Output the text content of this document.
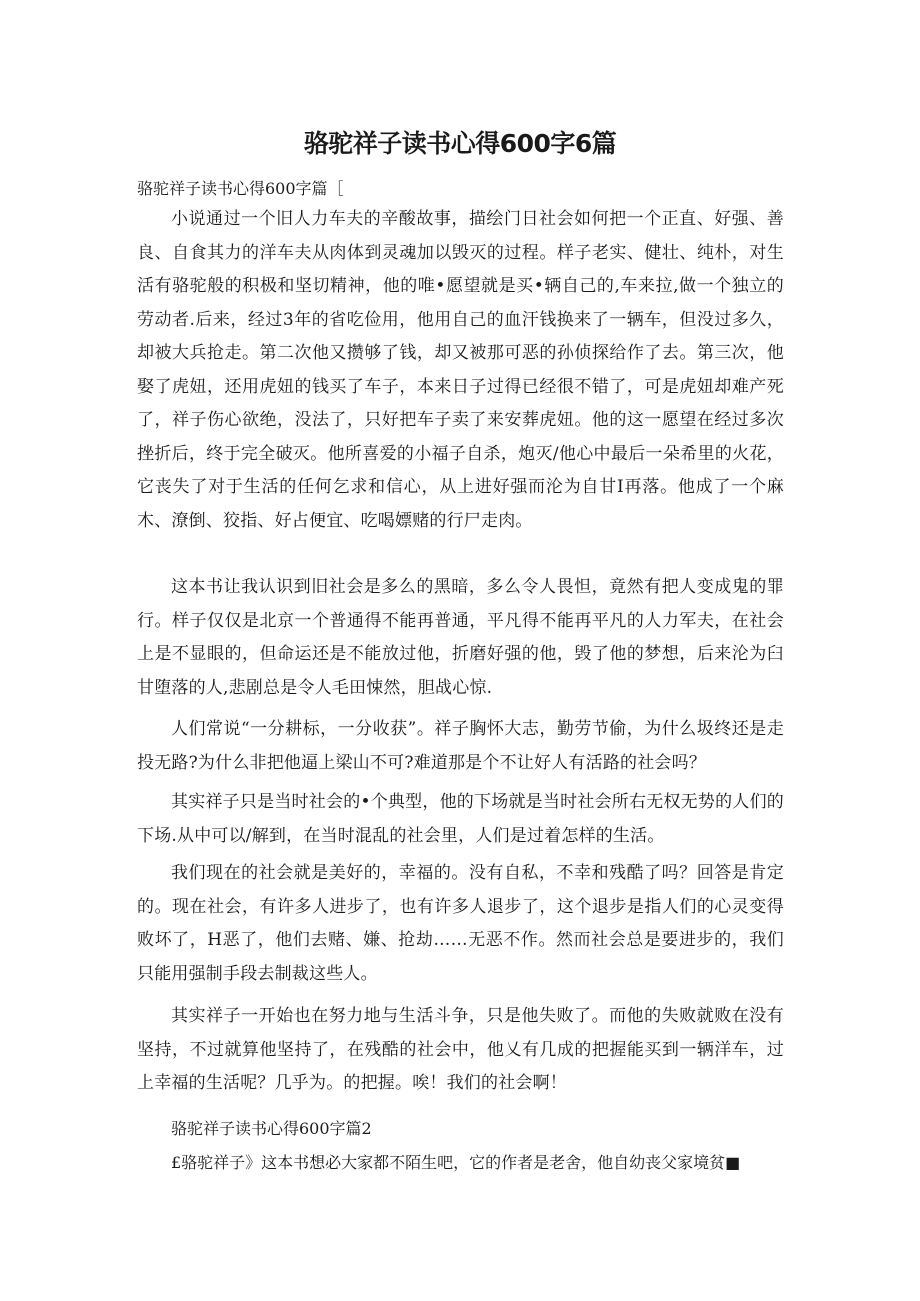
骆驼祥子读书心得600字6篇

骆驼祥子读书心得600字篇［

小说通过一个旧人力车夫的辛酸故事，描绘门日社会如何把一个正直、好强、善良、自食其力的洋车夫从肉体到灵魂加以毁灭的过程。样子老实、健壮、纯朴，对生活有骆驼般的积极和坚切精神，他的唯•愿望就是买•辆自己的,车来拉,做一个独立的劳动者.后来，经过3年的省吃俭用，他用自己的血汗钱换来了一辆车，但没过多久，却被大兵抢走。第二次他又攒够了钱，却又被那可恶的孙侦探给作了去。第三次，他娶了虎妞，还用虎妞的钱买了车子，本来日子过得已经很不错了，可是虎妞却难产死了，祥子伤心欲绝，没法了，只好把车子卖了来安葬虎妞。他的这一愿望在经过多次挫折后，终于完全破灭。他所喜爱的小福子自杀，炮灭/他心中最后一朵希里的火花，它丧失了对于生活的任何乞求和信心，从上进好强而沦为自甘I再落。他成了一个麻木、潦倒、狡指、好占便宜、吃喝嫖赌的行尸走肉。

这本书让我认识到旧社会是多么的黑暗，多么令人畏怛，竟然有把人变成鬼的罪行。样子仅仅是北京一个普通得不能再普通，平凡得不能再平凡的人力军夫，在社会上是不显眼的，但命运还是不能放过他，折磨好强的他，毁了他的梦想，后来沦为臼甘堕落的人,悲剧总是令人毛田悚然，胆战心惊.

人们常说“一分耕标，一分收获”。祥子胸怀大志，勤劳节偷，为什么圾终还是走投无路?为什么非把他逼上梁山不可?难道那是个不让好人有活路的社会吗？

其实祥子只是当时社会的•个典型，他的下场就是当时社会所右无权无势的人们的下场.从中可以/解到，在当时混乱的社会里，人们是过着怎样的生活。

我们现在的社会就是美好的，幸福的。没有自私，不幸和残酷了吗？回答是肯定的。现在社会，有许多人进步了，也有许多人退步了，这个退步是指人们的心灵变得败坏了，H恶了，他们去赌、嫌、抢劫……无恶不作。然而社会总是要进步的，我们只能用强制手段去制裁这些人。

其实祥子一开始也在努力地与生活斗争，只是他失败了。而他的失败就败在没有坚持，不过就算他坚持了，在残酷的社会中，他乂有几成的把握能买到一辆洋车，过上幸福的生活呢？几乎为。的把握。唉！我们的社会啊！

骆驼祥子读书心得600字篇2

£骆驼祥子》这本书想必大家都不陌生吧，它的作者是老舍，他自幼丧父家境贫■
